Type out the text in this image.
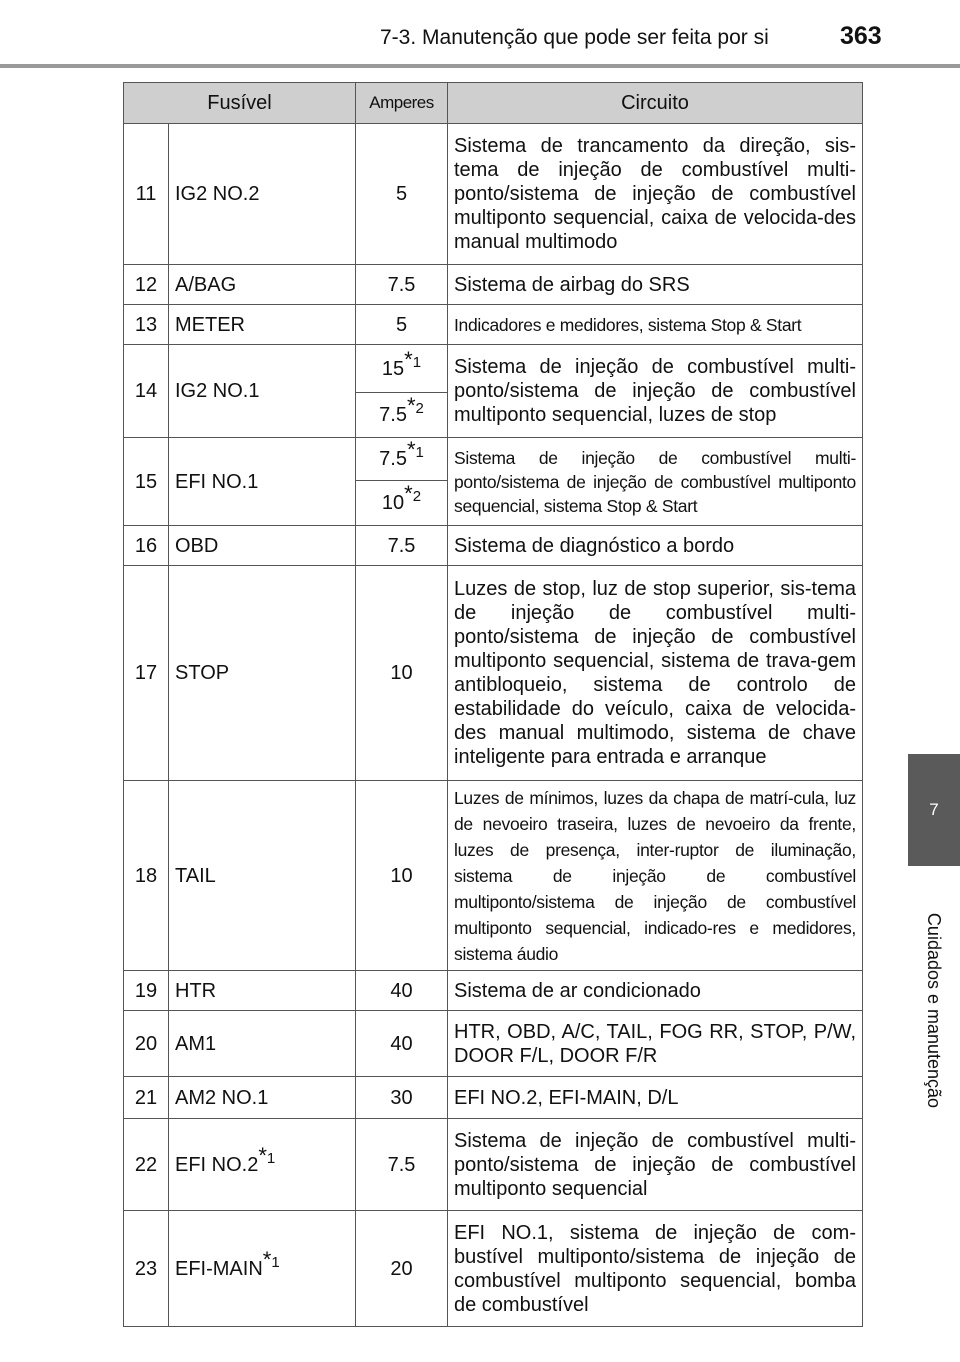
7-3. Manutenção que pode ser feita por si	363
7
Cuidados e manutenção
Fusível		Amperes	Circuito
11	IG2 NO.2	5	Sistema de trancamento da direção, sis-tema de injeção de combustível multi-ponto/sistema de injeção de combustível multiponto sequencial, caixa de velocida-des manual multimodo
12	A/BAG	7.5	Sistema de airbag do SRS
13	METER	5	Indicadores e medidores, sistema Stop & Start
14	IG2 NO.1	15$^{*1}$	Sistema de injeção de combustível multi-ponto/sistema de injeção de combustível multiponto sequencial, luzes de stop
		7.5$^{*2}$
15	EFI NO.1	7.5$^{*1}$	Sistema de injeção de combustível multi-ponto/sistema de injeção de combustível multiponto sequencial, sistema Stop & Start
		10$^{*2}$
16	OBD	7.5	Sistema de diagnóstico a bordo
17	STOP	10	Luzes de stop, luz de stop superior, sis-tema de injeção de combustível multi-ponto/sistema de injeção de combustível multiponto sequencial, sistema de trava-gem antibloqueio, sistema de controlo de estabilidade do veículo, caixa de velocida-des manual multimodo, sistema de chave inteligente para entrada e arranque
18	TAIL	10	Luzes de mínimos, luzes da chapa de matrí-cula, luz de nevoeiro traseira, luzes de nevoeiro da frente, luzes de presença, inter-ruptor de iluminação, sistema de injeção de combustível multiponto/sistema de injeção de combustível multiponto sequencial, indicado-res e medidores, sistema áudio
19	HTR	40	Sistema de ar condicionado
20	AM1	40	HTR, OBD, A/C, TAIL, FOG RR, STOP, P/W, DOOR F/L, DOOR F/R
21	AM2 NO.1	30	EFI NO.2, EFI-MAIN, D/L
22	EFI NO.2$^{*1}$	7.5	Sistema de injeção de combustível multi-ponto/sistema de injeção de combustível multiponto sequencial
23	EFI-MAIN$^{*1}$	20	EFI NO.1, sistema de injeção de com-bustível multiponto/sistema de injeção de combustível multiponto sequencial, bomba de combustível
